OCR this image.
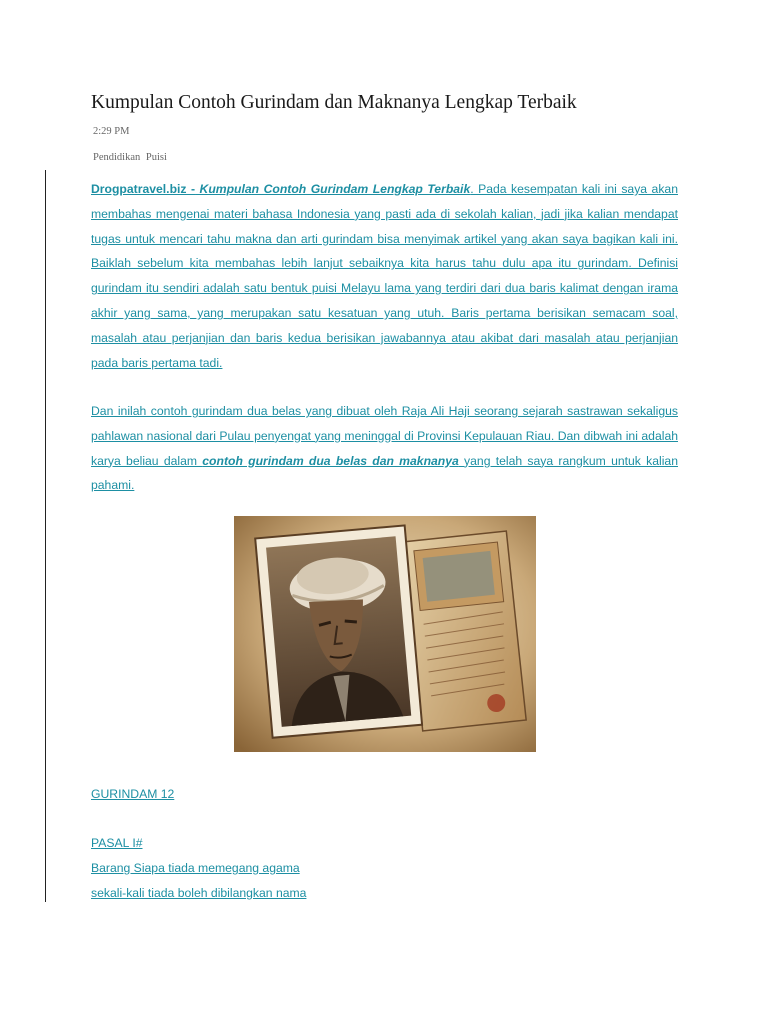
Kumpulan Contoh Gurindam dan Maknanya Lengkap Terbaik
2:29 PM
Pendidikan Puisi

Drogpatravel.biz - Kumpulan Contoh Gurindam Lengkap Terbaik. Pada kesempatan kali ini saya akan membahas mengenai materi bahasa Indonesia yang pasti ada di sekolah kalian, jadi jika kalian mendapat tugas untuk mencari tahu makna dan arti gurindam bisa menyimak artikel yang akan saya bagikan kali ini. Baiklah sebelum kita membahas lebih lanjut sebaiknya kita harus tahu dulu apa itu gurindam. Definisi gurindam itu sendiri adalah satu bentuk puisi Melayu lama yang terdiri dari dua baris kalimat dengan irama akhir yang sama, yang merupakan satu kesatuan yang utuh. Baris pertama berisikan semacam soal, masalah atau perjanjian dan baris kedua berisikan jawabannya atau akibat dari masalah atau perjanjian pada baris pertama tadi.

Dan inilah contoh gurindam dua belas yang dibuat oleh Raja Ali Haji seorang sejarah sastrawan sekaligus pahlawan nasional dari Pulau penyengat yang meninggal di Provinsi Kepulauan Riau. Dan dibwah ini adalah karya beliau dalam contoh gurindam dua belas dan maknanya yang telah saya rangkum untuk kalian pahami.

GURINDAM 12
PASAL I#
Barang Siapa tiada memegang agama
sekali-kali tiada boleh dibilangkan nama
